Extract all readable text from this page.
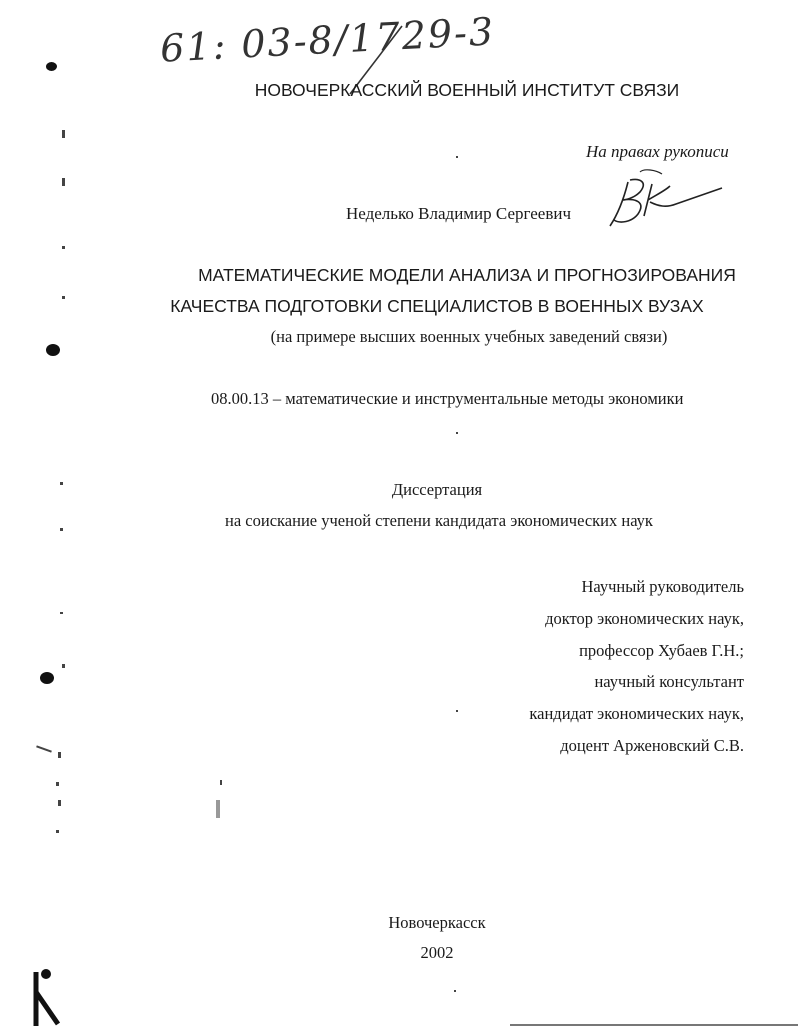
61: 03-8/1729-3
НОВОЧЕРКАССКИЙ ВОЕННЫЙ ИНСТИТУТ СВЯЗИ
На правах рукописи
Неделько Владимир Сергеевич
МАТЕМАТИЧЕСКИЕ МОДЕЛИ АНАЛИЗА И ПРОГНОЗИРОВАНИЯ
КАЧЕСТВА ПОДГОТОВКИ СПЕЦИАЛИСТОВ В ВОЕННЫХ ВУЗАХ
(на примере высших военных учебных заведений связи)
08.00.13 – математические и инструментальные методы экономики
Диссертация
на соискание ученой степени кандидата экономических наук
Научный руководитель
доктор экономических наук,
профессор Хубаев Г.Н.;
научный консультант
кандидат экономических наук,
доцент Арженовский С.В.
Новочеркасск
2002
